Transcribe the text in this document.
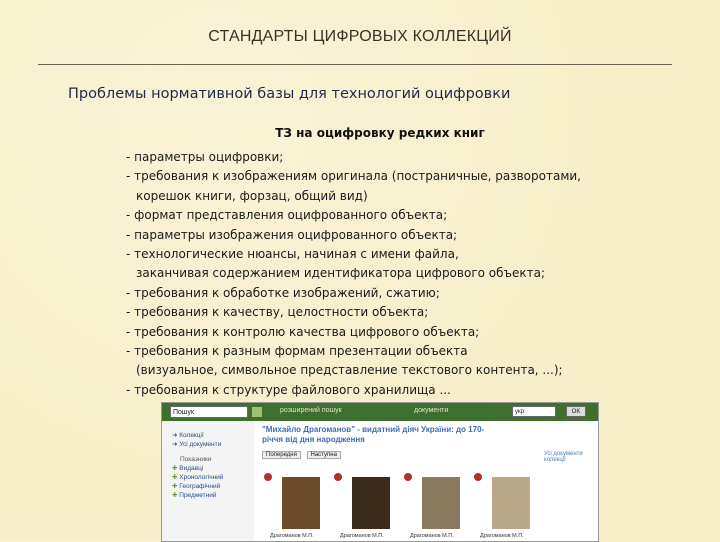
СТАНДАРТЫ ЦИФРОВЫХ КОЛЛЕКЦИЙ
Проблемы нормативной базы для технологий оцифровки
ТЗ на оцифровку редких книг
- параметры оцифровки;
- требования к изображениям оригинала (постраничные, разворотами,
корешок книги, форзац, общий вид)
- формат представления оцифрованного объекта;
- параметры изображения оцифрованного объекта;
- технологические нюансы, начиная с имени файла,
заканчивая содержанием идентификатора цифрового объекта;
- требования к обработке изображений, сжатию;
- требования к качеству, целостности объекта;
- требования к контролю качества цифрового объекта;
- требования к разным формам презентации объекта
(визуальное, символьное представление текстового контента, ...);
- требования к структуре файлового хранилища ...
Пошук	розширений пошук	документи	укр	OK
➜ Колекції
➜ Усі документи
Показники
✚ Видавці
✚ Хронологічний
✚ Географічний
✚ Предметний
"Михайло Драгоманов" - видатний діяч України: до 170-річчя від дня народження
Попередня Наступна	Усі документи колекції
Драгоманов М.П.	Драгоманов М.П.	Драгоманов М.П.	Драгоманов М.П.
